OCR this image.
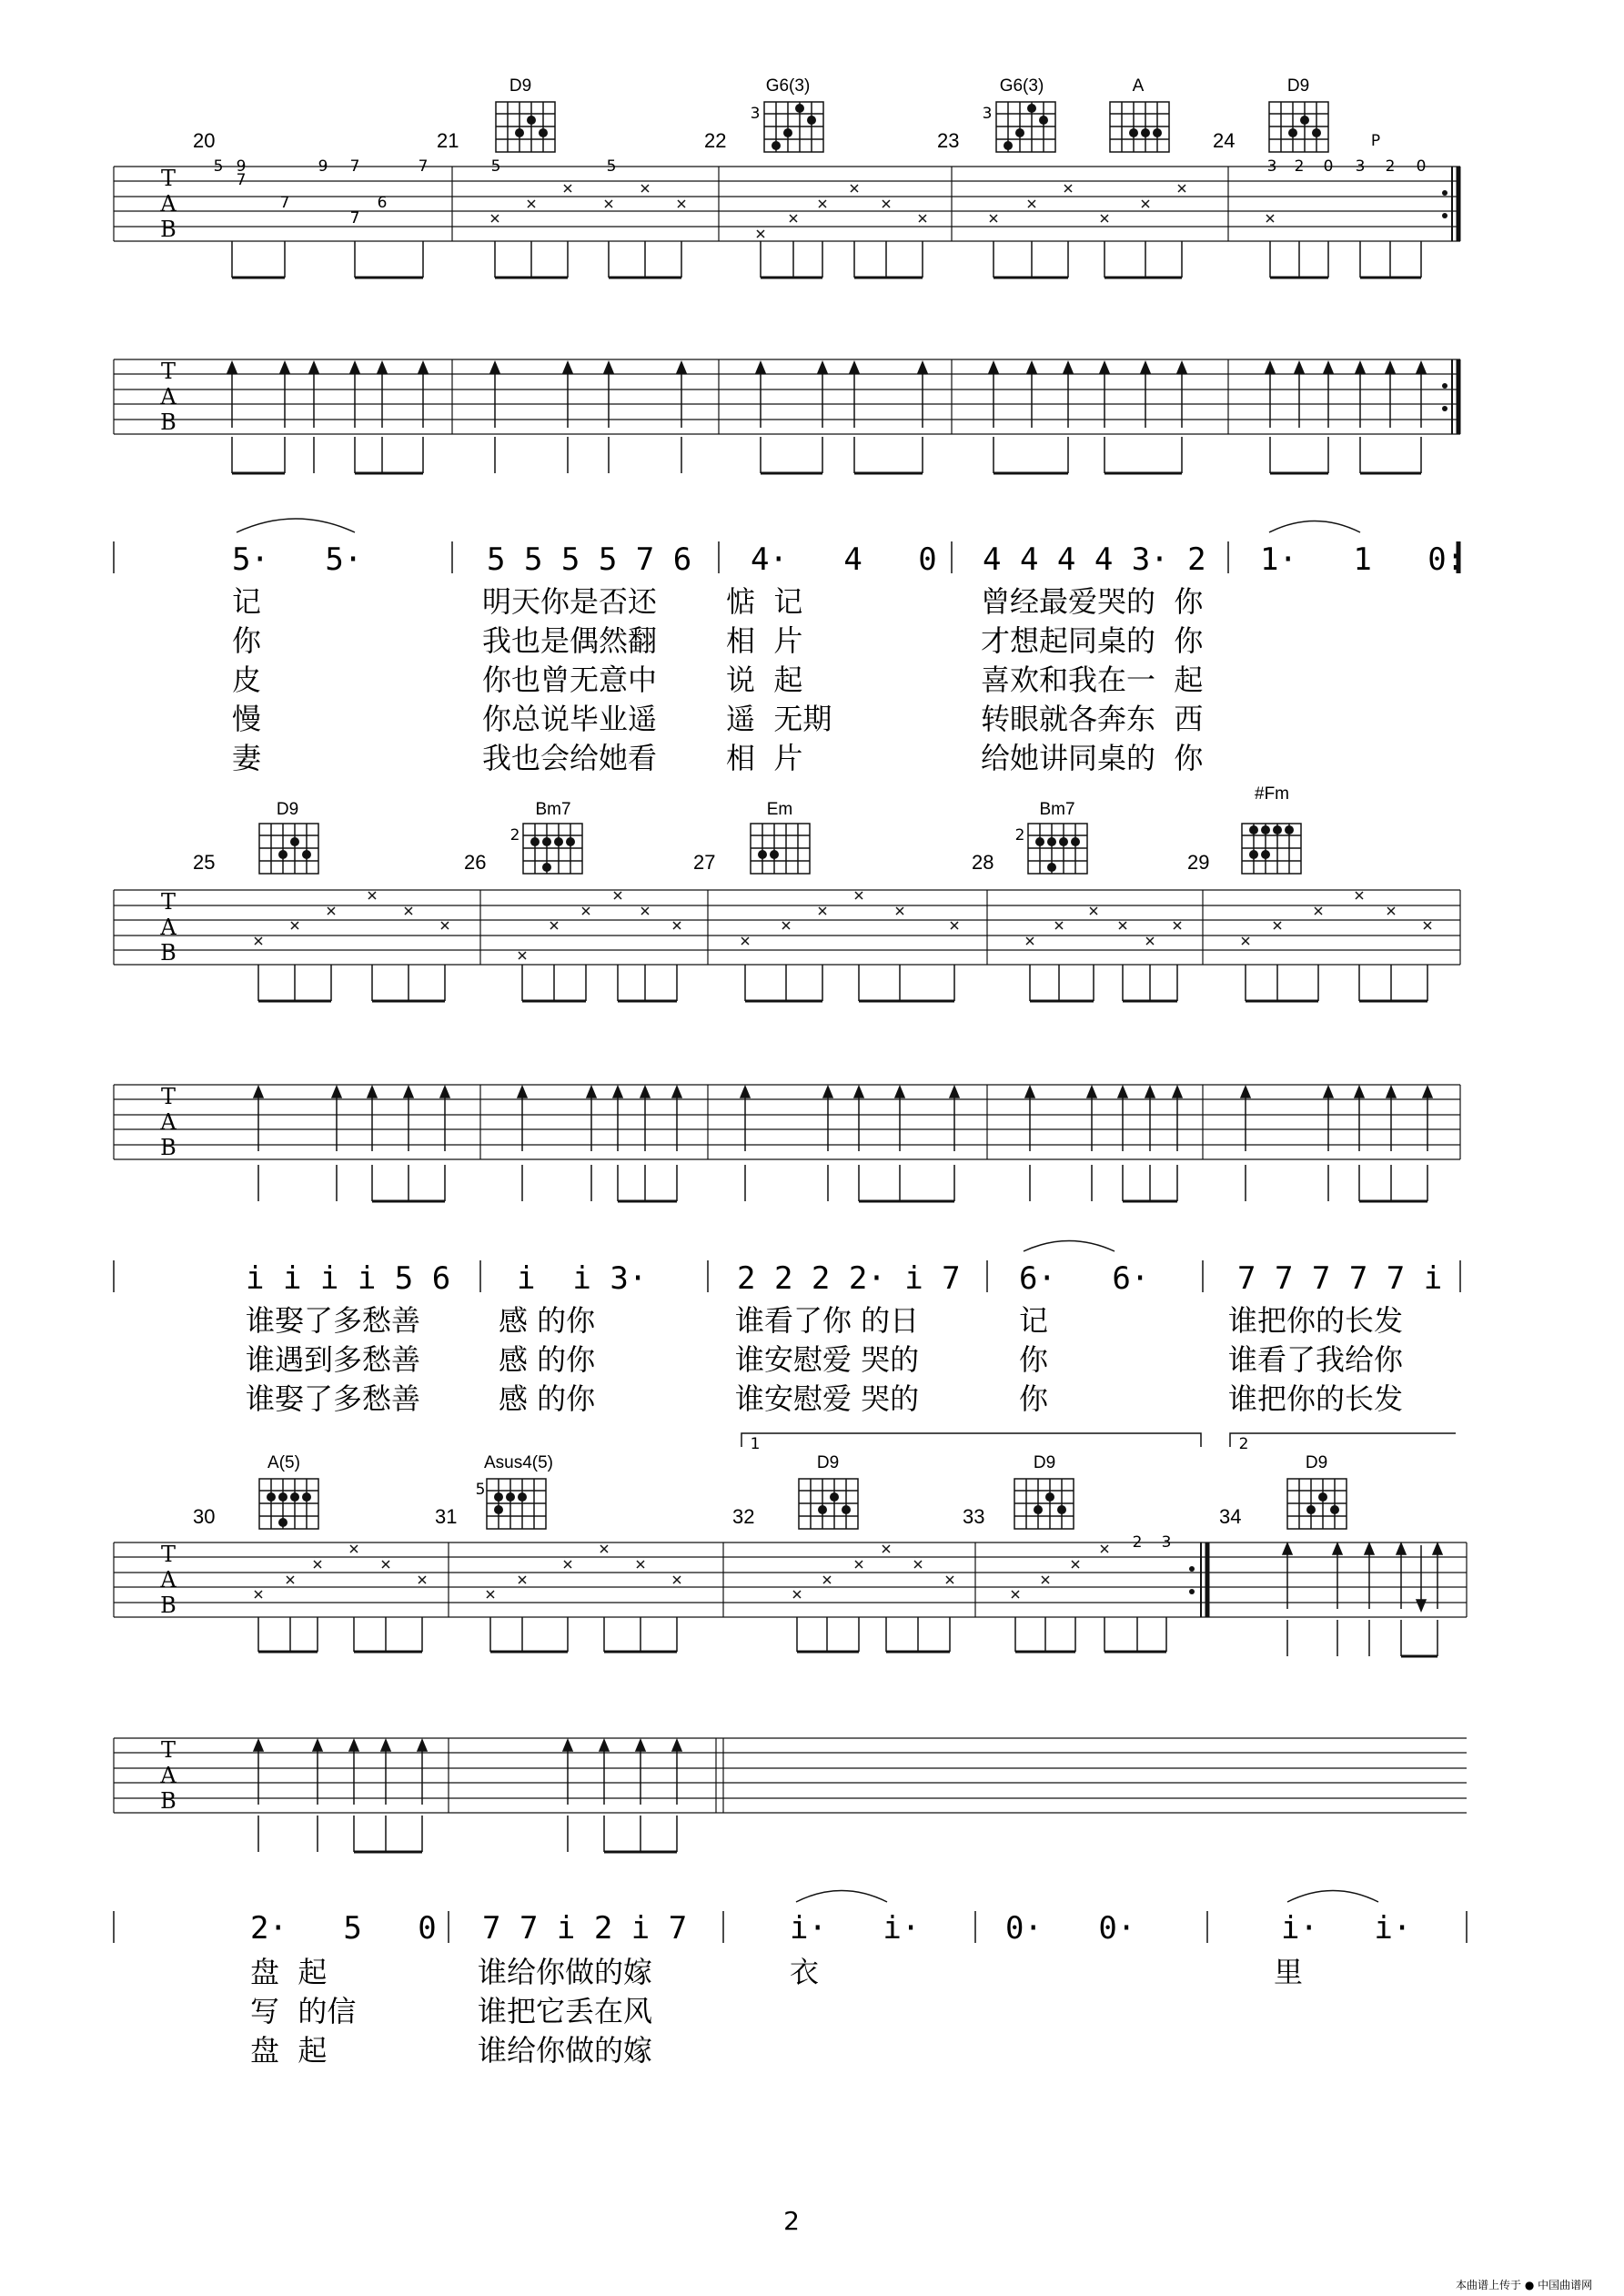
20	21	22	23	24
D9	G6(3)	G6(3)	A	D9
3	3
T
A
B
5 9	9 7	7
7
7
6
7
5	5	3 2 0 3 2 0
P
T
A
B
5·   5·	5 5 5 5 7 6 4·   4   0 4 4 4 4 3· 2 1·   1   0:
记	明天你是否还 惦  记	曾经最爱哭的  你
你	我也是偶然翻 相  片	才想起同桌的  你
皮	你也曾无意中 说  起	喜欢和我在一  起
慢	你总说毕业遥 遥  无期	转眼就各奔东  西
妻	我也会给她看 相  片	给她讲同桌的  你
25	26	27	28	29
D9	Bm7	Em	Bm7
#Fm
2	2
T
A
B
T
A
B
i i i i 5 6 i  i 3·	2 2 2 2· i 7 6·   6·	7 7 7 7 7 i
谁娶了多愁善	感 的你	谁看了你 的日	记	谁把你的长发
谁遇到多愁善	感 的你	谁安慰爱 哭的	你	谁看了我给你
谁娶了多愁善	感 的你	谁安慰爱 哭的	你	谁把你的长发
1	2
30	31	32	33	34
A(5)	Asus4(5)	D9	D9	D9
5
T
A
B
2 3
T
A
B
2·   5   0 7 7 i 2 i 7	i·   i·	0·   0·	i·   i·
盘  起	谁给你做的嫁	衣	里
写  的信	谁把它丢在风
盘  起	谁给你做的嫁
2
本曲谱上传于 ● 中国曲谱网
